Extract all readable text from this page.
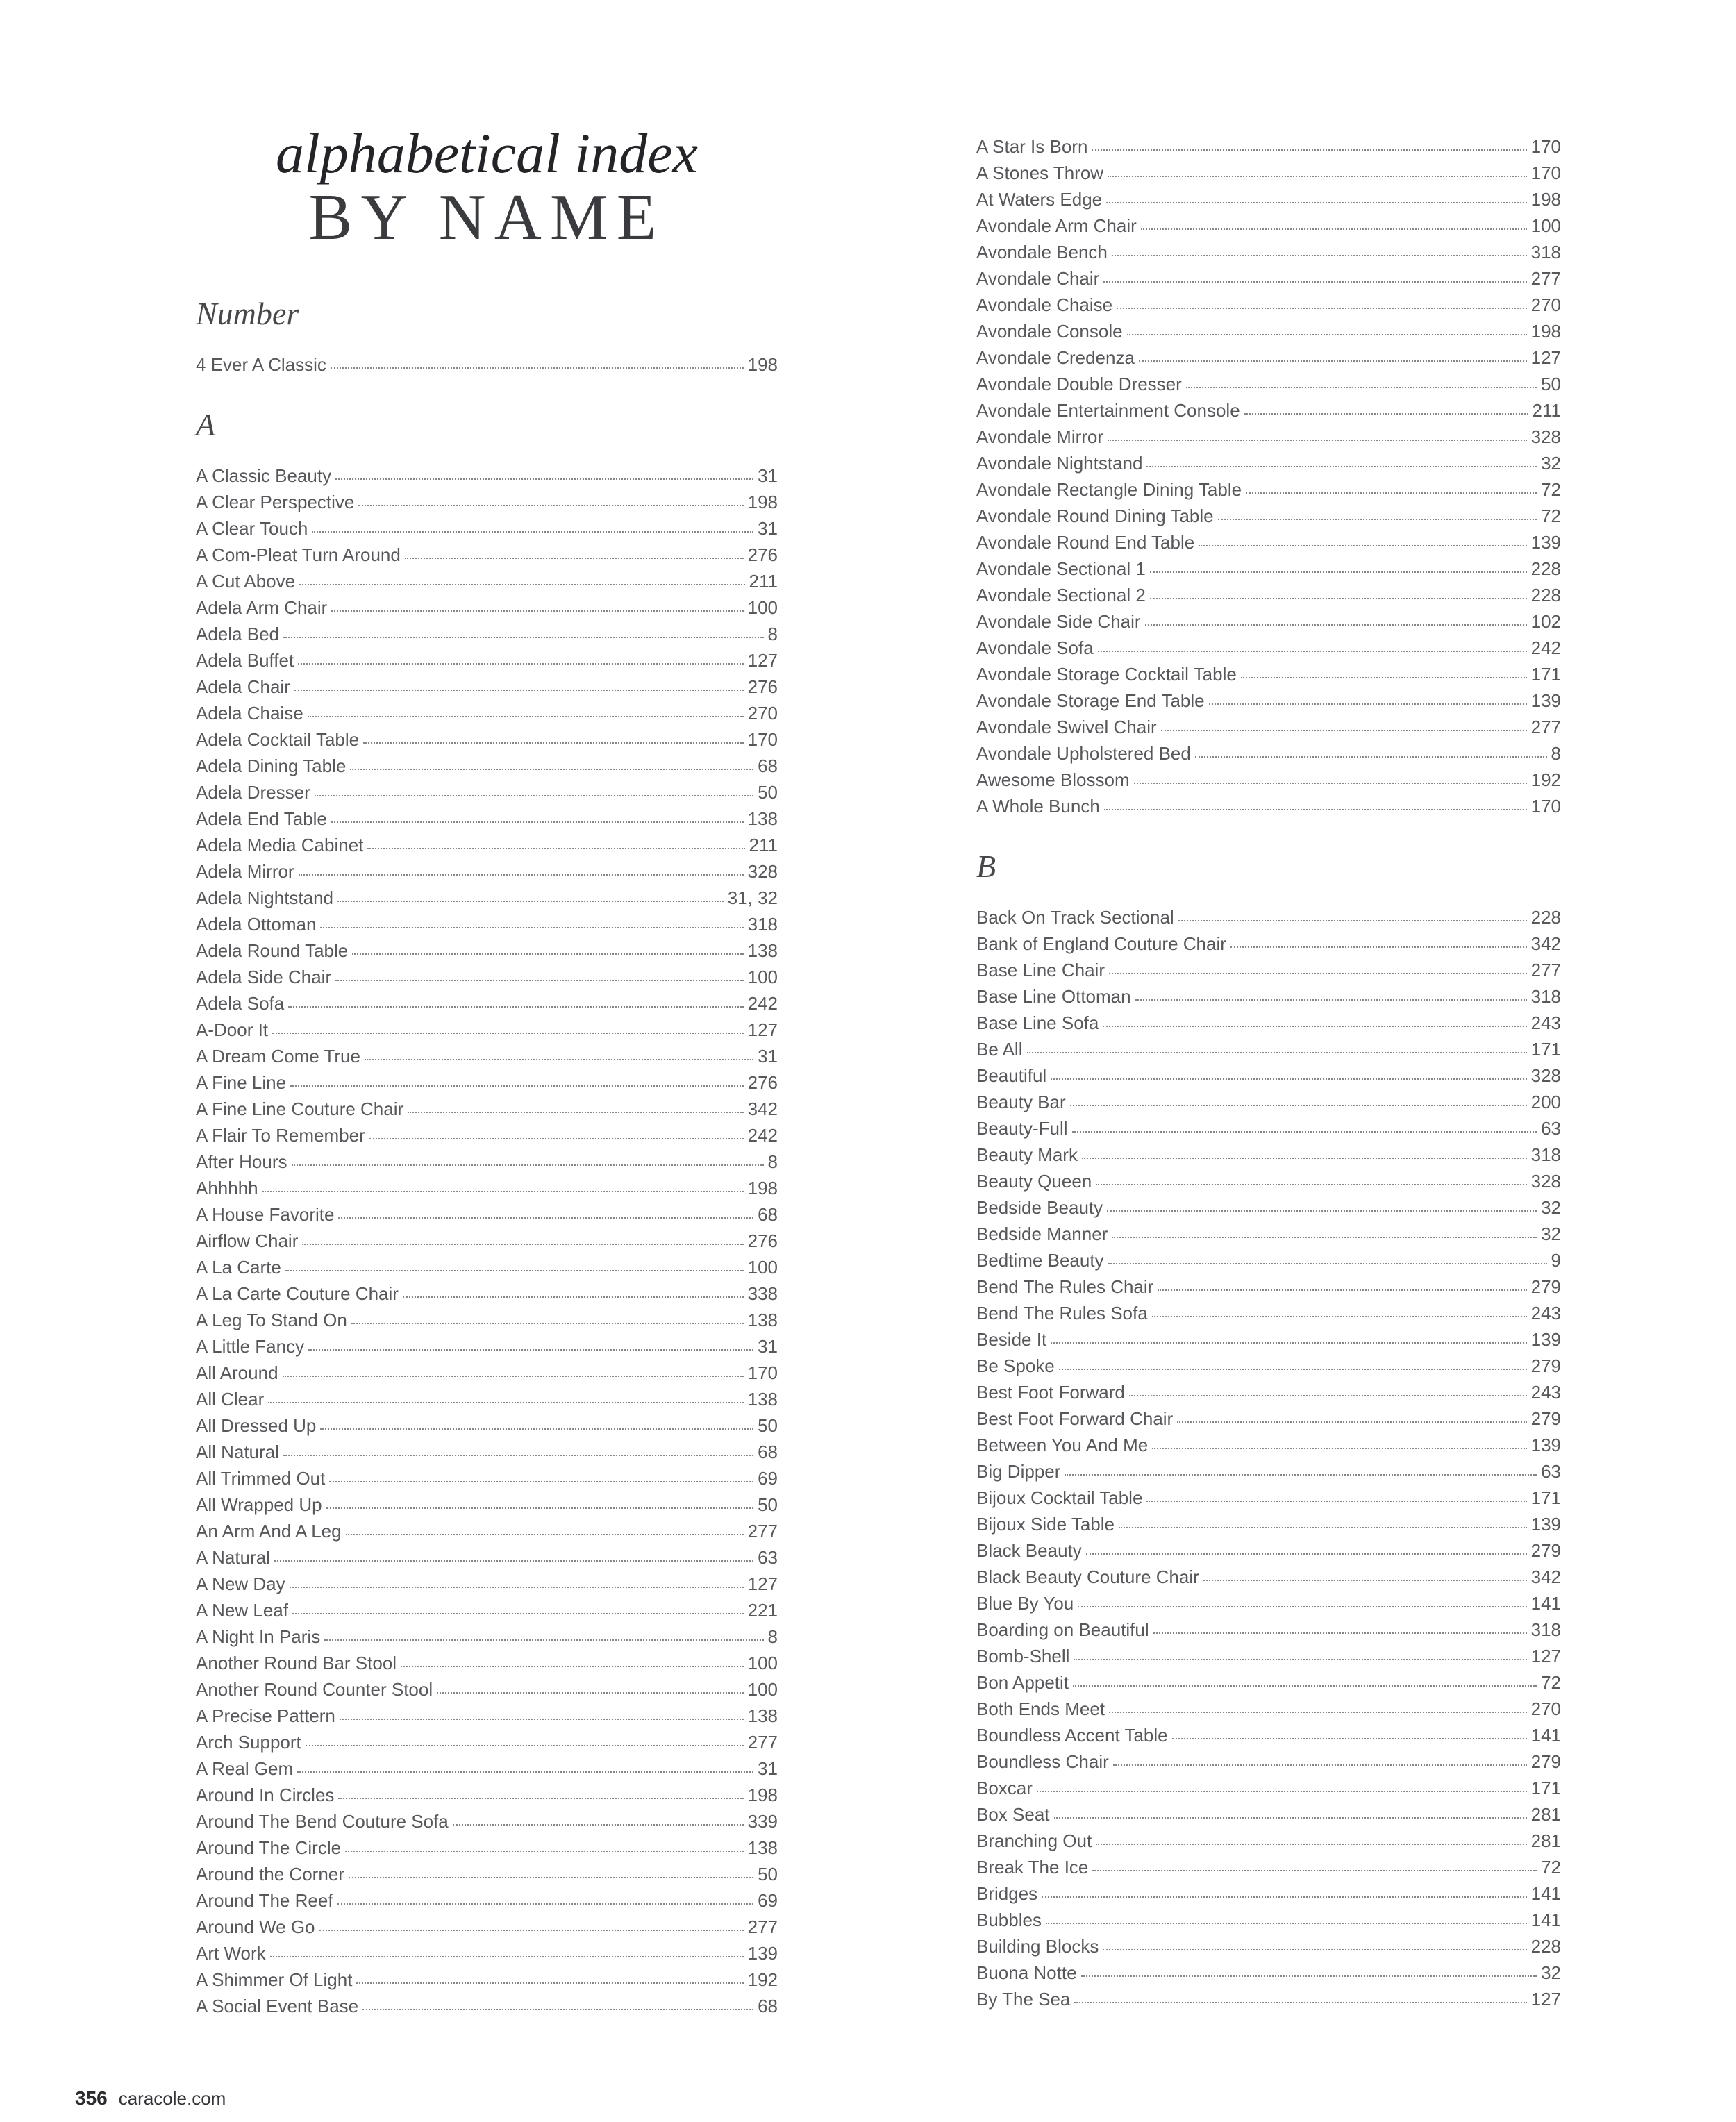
alphabetical index
BY NAME
Number
4 Ever A Classic	198
A
A Classic Beauty	31
A Clear Perspective	198
A Clear Touch	31
A Com-Pleat Turn Around	276
A Cut Above	211
Adela Arm Chair	100
Adela Bed	8
Adela Buffet	127
Adela Chair	276
Adela Chaise	270
Adela Cocktail Table	170
Adela Dining Table	68
Adela Dresser	50
Adela End Table	138
Adela Media Cabinet	211
Adela Mirror	328
Adela Nightstand	31, 32
Adela Ottoman	318
Adela Round Table	138
Adela Side Chair	100
Adela Sofa	242
A-Door It	127
A Dream Come True	31
A Fine Line	276
A Fine Line Couture Chair	342
A Flair To Remember	242
After Hours	8
Ahhhhh	198
A House Favorite	68
Airflow Chair	276
A La Carte	100
A La Carte Couture Chair	338
A Leg To Stand On	138
A Little Fancy	31
All Around	170
All Clear	138
All Dressed Up	50
All Natural	68
All Trimmed Out	69
All Wrapped Up	50
An Arm And A Leg	277
A Natural	63
A New Day	127
A New Leaf	221
A Night In Paris	8
Another Round Bar Stool	100
Another Round Counter Stool	100
A Precise Pattern	138
Arch Support	277
A Real Gem	31
Around In Circles	198
Around The Bend Couture Sofa	339
Around The Circle	138
Around the Corner	50
Around The Reef	69
Around We Go	277
Art Work	139
A Shimmer Of Light	192
A Social Event Base	68
A Star Is Born	170
A Stones Throw	170
At Waters Edge	198
Avondale Arm Chair	100
Avondale Bench	318
Avondale Chair	277
Avondale Chaise	270
Avondale Console	198
Avondale Credenza	127
Avondale Double Dresser	50
Avondale Entertainment Console	211
Avondale Mirror	328
Avondale Nightstand	32
Avondale Rectangle Dining Table	72
Avondale Round Dining Table	72
Avondale Round End Table	139
Avondale Sectional 1	228
Avondale Sectional 2	228
Avondale Side Chair	102
Avondale Sofa	242
Avondale Storage Cocktail Table	171
Avondale Storage End Table	139
Avondale Swivel Chair	277
Avondale Upholstered Bed	8
Awesome Blossom	192
A Whole Bunch	170
B
Back On Track Sectional	228
Bank of England Couture Chair	342
Base Line Chair	277
Base Line Ottoman	318
Base Line Sofa	243
Be All	171
Beautiful	328
Beauty Bar	200
Beauty-Full	63
Beauty Mark	318
Beauty Queen	328
Bedside Beauty	32
Bedside Manner	32
Bedtime Beauty	9
Bend The Rules Chair	279
Bend The Rules Sofa	243
Beside It	139
Be Spoke	279
Best Foot Forward	243
Best Foot Forward Chair	279
Between You And Me	139
Big Dipper	63
Bijoux Cocktail Table	171
Bijoux Side Table	139
Black Beauty	279
Black Beauty Couture Chair	342
Blue By You	141
Boarding on Beautiful	318
Bomb-Shell	127
Bon Appetit	72
Both Ends Meet	270
Boundless Accent Table	141
Boundless Chair	279
Boxcar	171
Box Seat	281
Branching Out	281
Break The Ice	72
Bridges	141
Bubbles	141
Building Blocks	228
Buona Notte	32
By The Sea	127
356 caracole.com
